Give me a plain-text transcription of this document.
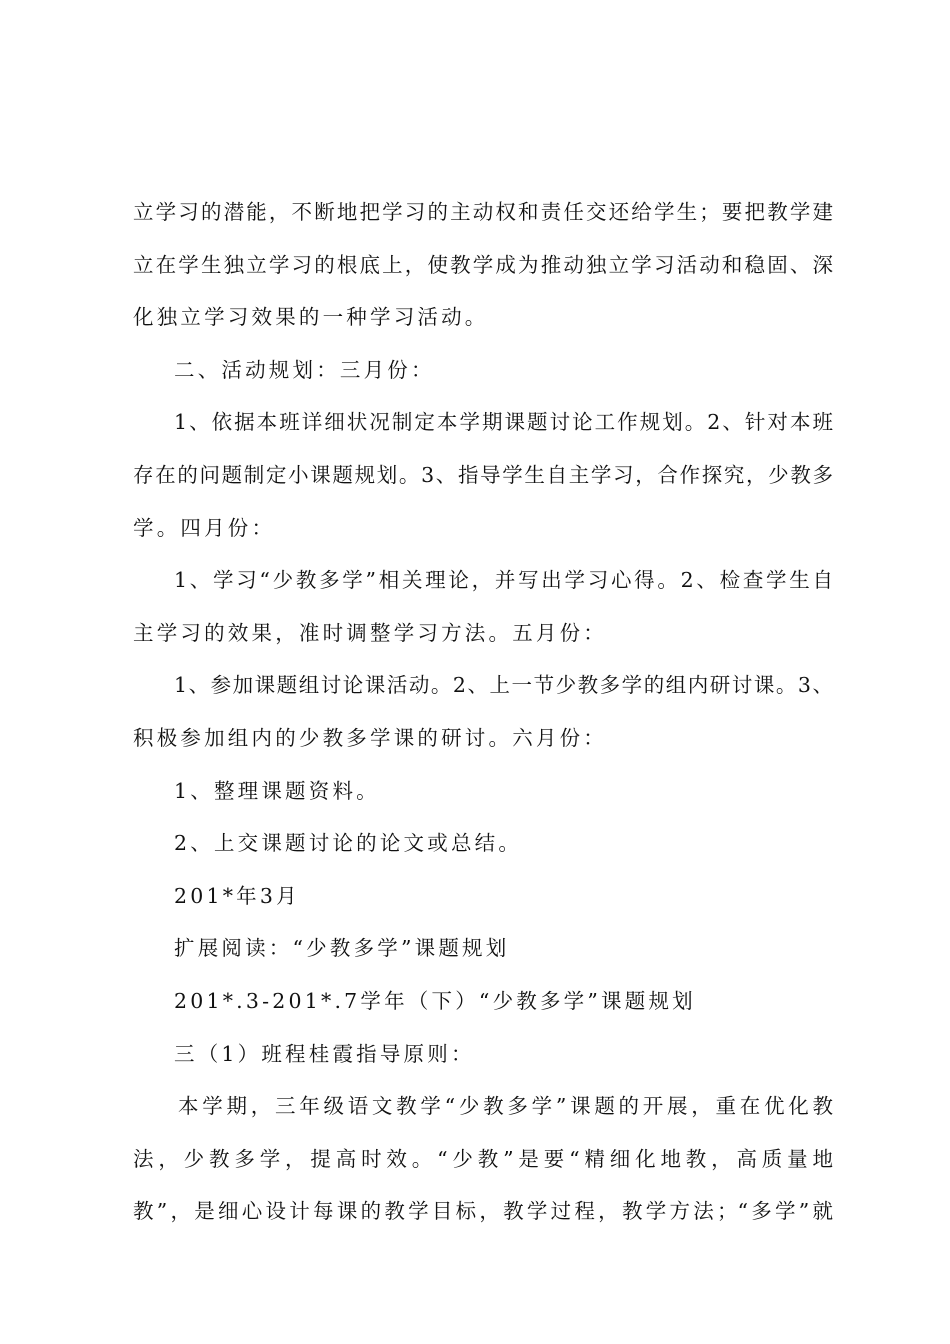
立学习的潜能，不断地把学习的主动权和责任交还给学生；要把教学建
立在学生独立学习的根底上，使教学成为推动独立学习活动和稳固、深
化独立学习效果的一种学习活动。
二、活动规划：三月份：
1、依据本班详细状况制定本学期课题讨论工作规划。2、针对本班
存在的问题制定小课题规划。3、指导学生自主学习，合作探究，少教多
学。四月份：
1、学习“少教多学”相关理论，并写出学习心得。2、检查学生自
主学习的效果，准时调整学习方法。五月份：
1、参加课题组讨论课活动。2、上一节少教多学的组内研讨课。3、
积极参加组内的少教多学课的研讨。六月份：
1、整理课题资料。
2、上交课题讨论的论文或总结。
201*年3月
扩展阅读：“少教多学”课题规划
201*.3-201*.7学年（下）“少教多学”课题规划
三（1）班程桂霞指导原则：
本学期，三年级语文教学“少教多学”课题的开展，重在优化教
法，少教多学，提高时效。“少教”是要“精细化地教，高质量地
教”，是细心设计每课的教学目标，教学过程，教学方法；“多学”就
